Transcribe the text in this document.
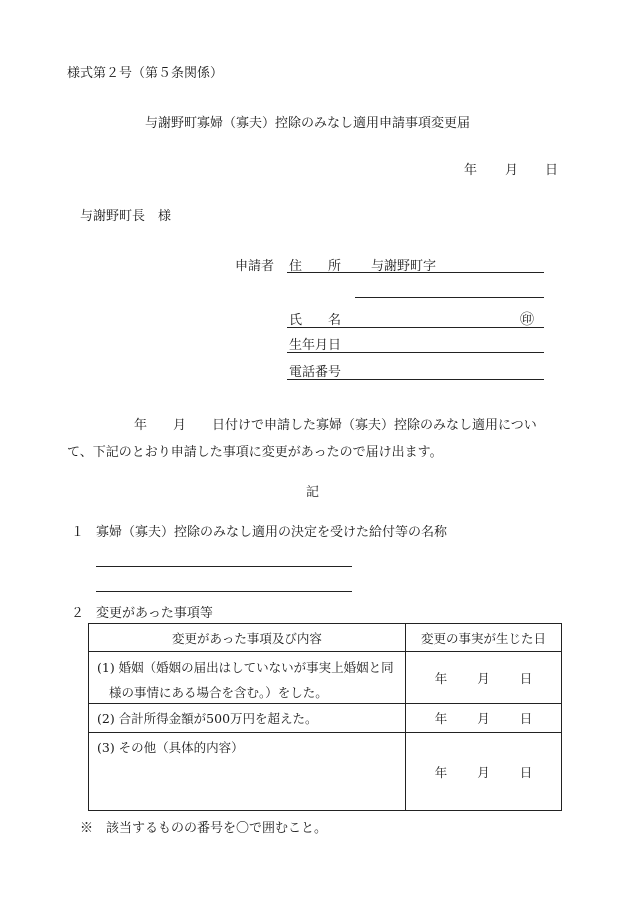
様式第２号（第５条関係）
与謝野町寡婦（寡夫）控除のみなし適用申請事項変更届
年 月 日
与謝野町長　様
申請者 住　　所 与謝野町字
氏　　名	㊞
生年月日
電話番号
年　　月　　日付けで申請した寡婦（寡夫）控除のみなし適用につい
て、下記のとおり申請した事項に変更があったので届け出ます。
記
１ 寡婦（寡夫）控除のみなし適用の決定を受けた給付等の名称
２ 変更があった事項等
変更があった事項及び内容	変更の事実が生じた日

(1) 婚姻（婚姻の届出はしていないが事実上婚姻と同
様の事情にある場合を含む。）をした。	年 月 日
(2) 合計所得金額が500万円を超えた。	年 月 日

(3) その他（具体的内容）	年 月 日
※　該当するものの番号を〇で囲むこと。
